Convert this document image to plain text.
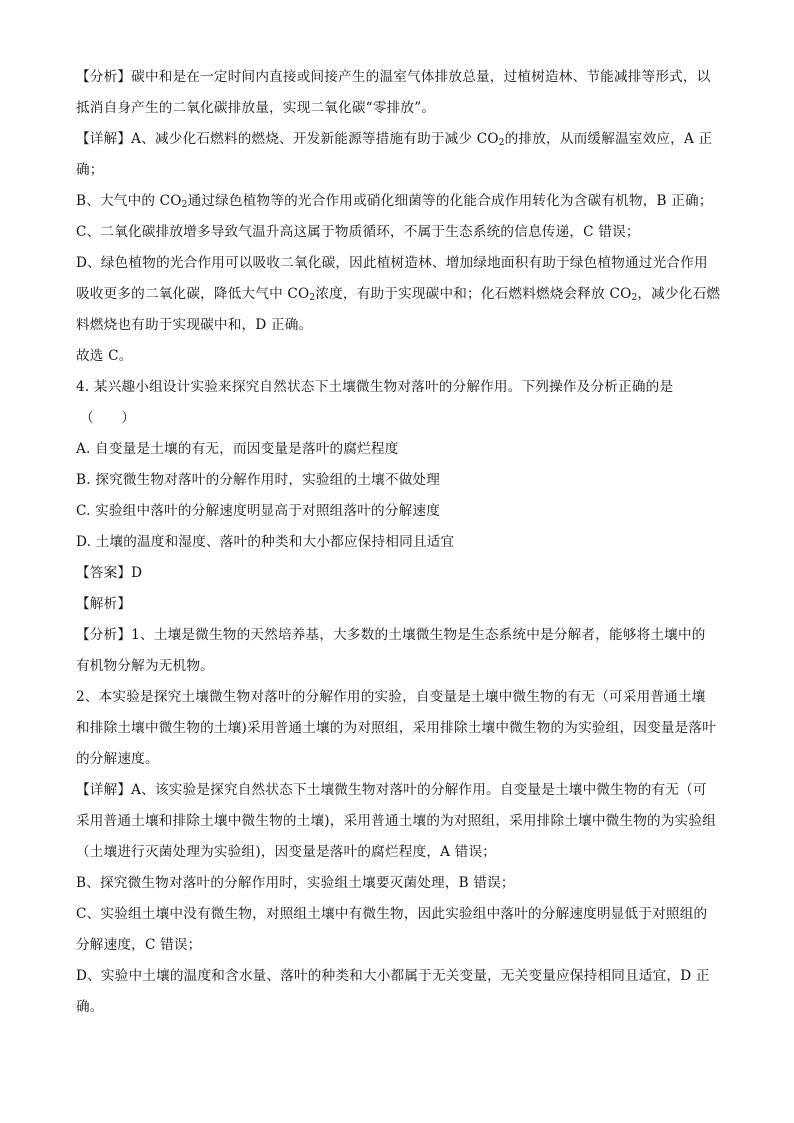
【分析】碳中和是在一定时间内直接或间接产生的温室气体排放总量，过植树造林、节能减排等形式，以
抵消自身产生的二氧化碳排放量，实现二氧化碳“零排放”。

【详解】A、减少化石燃料的燃烧、开发新能源等措施有助于减少 $CO_2$的排放，从而缓解温室效应，A 正
确；

B、大气中的 $CO_2$通过绿色植物等的光合作用或硝化细菌等的化能合成作用转化为含碳有机物，B 正确；

C、二氧化碳排放增多导致气温升高这属于物质循环，不属于生态系统的信息传递，C 错误；

D、绿色植物的光合作用可以吸收二氧化碳，因此植树造林、增加绿地面积有助于绿色植物通过光合作用
吸收更多的二氧化碳，降低大气中 $CO_2$浓度，有助于实现碳中和；化石燃料燃烧会释放 $CO_2$，减少化石燃
料燃烧也有助于实现碳中和，D 正确。

故选 C。

4. 某兴趣小组设计实验来探究自然状态下土壤微生物对落叶的分解作用。下列操作及分析正确的是
（　　）

A. 自变量是土壤的有无，而因变量是落叶的腐烂程度
B. 探究微生物对落叶的分解作用时，实验组的土壤不做处理
C. 实验组中落叶的分解速度明显高于对照组落叶的分解速度
D. 土壤的温度和湿度、落叶的种类和大小都应保持相同且适宜

【答案】D

【解析】

【分析】1、土壤是微生物的天然培养基，大多数的土壤微生物是生态系统中是分解者，能够将土壤中的
有机物分解为无机物。

2、本实验是探究土壤微生物对落叶的分解作用的实验，自变量是土壤中微生物的有无（可采用普通土壤
和排除土壤中微生物的土壤)采用普通土壤的为对照组，采用排除土壤中微生物的为实验组，因变量是落叶
的分解速度。

【详解】A、该实验是探究自然状态下土壤微生物对落叶的分解作用。自变量是土壤中微生物的有无（可
采用普通土壤和排除土壤中微生物的土壤)，采用普通土壤的为对照组，采用排除土壤中微生物的为实验组
（土壤进行灭菌处理为实验组)，因变量是落叶的腐烂程度，A 错误；

B、探究微生物对落叶的分解作用时，实验组土壤要灭菌处理，B 错误；

C、实验组土壤中没有微生物，对照组土壤中有微生物，因此实验组中落叶的分解速度明显低于对照组的
分解速度，C 错误；

D、实验中土壤的温度和含水量、落叶的种类和大小都属于无关变量，无关变量应保持相同且适宜，D 正
确。
